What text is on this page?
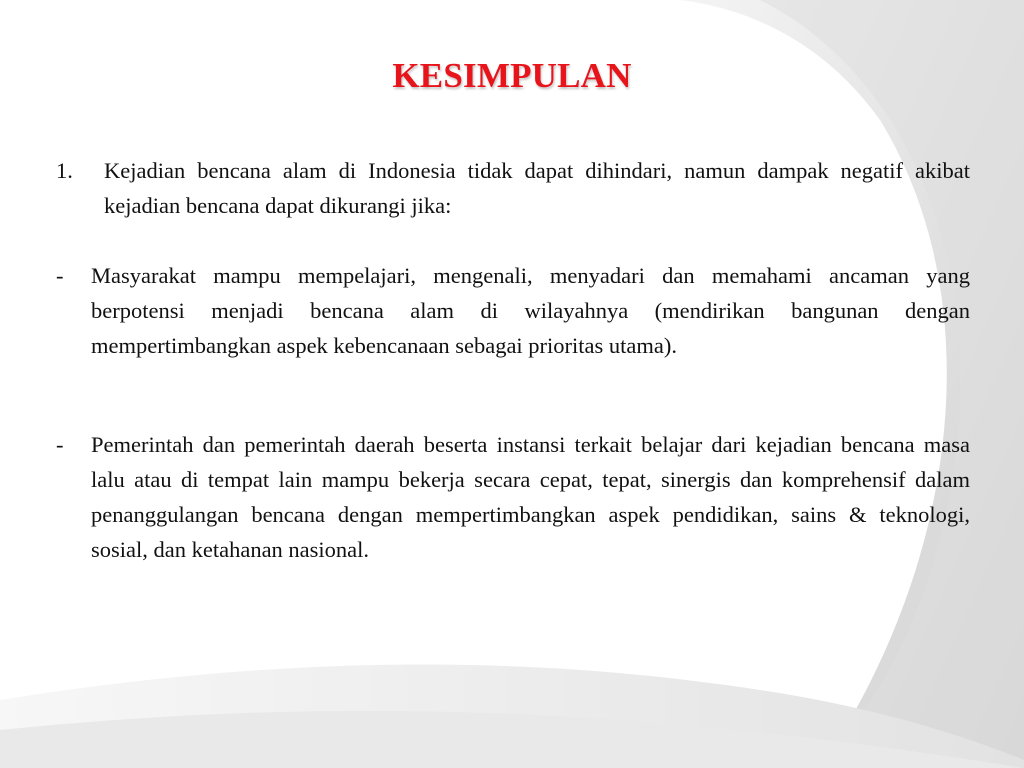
KESIMPULAN
1. Kejadian bencana alam di Indonesia tidak dapat dihindari, namun dampak negatif akibat kejadian bencana dapat dikurangi jika:
- Masyarakat mampu mempelajari, mengenali, menyadari dan memahami ancaman yang berpotensi menjadi bencana alam di wilayahnya (mendirikan bangunan dengan mempertimbangkan aspek kebencanaan sebagai prioritas utama).
- Pemerintah dan pemerintah daerah beserta instansi terkait belajar dari kejadian bencana masa lalu atau di tempat lain mampu bekerja secara cepat, tepat, sinergis dan komprehensif dalam penanggulangan bencana dengan mempertimbangkan aspek pendidikan, sains & teknologi, sosial, dan ketahanan nasional.
